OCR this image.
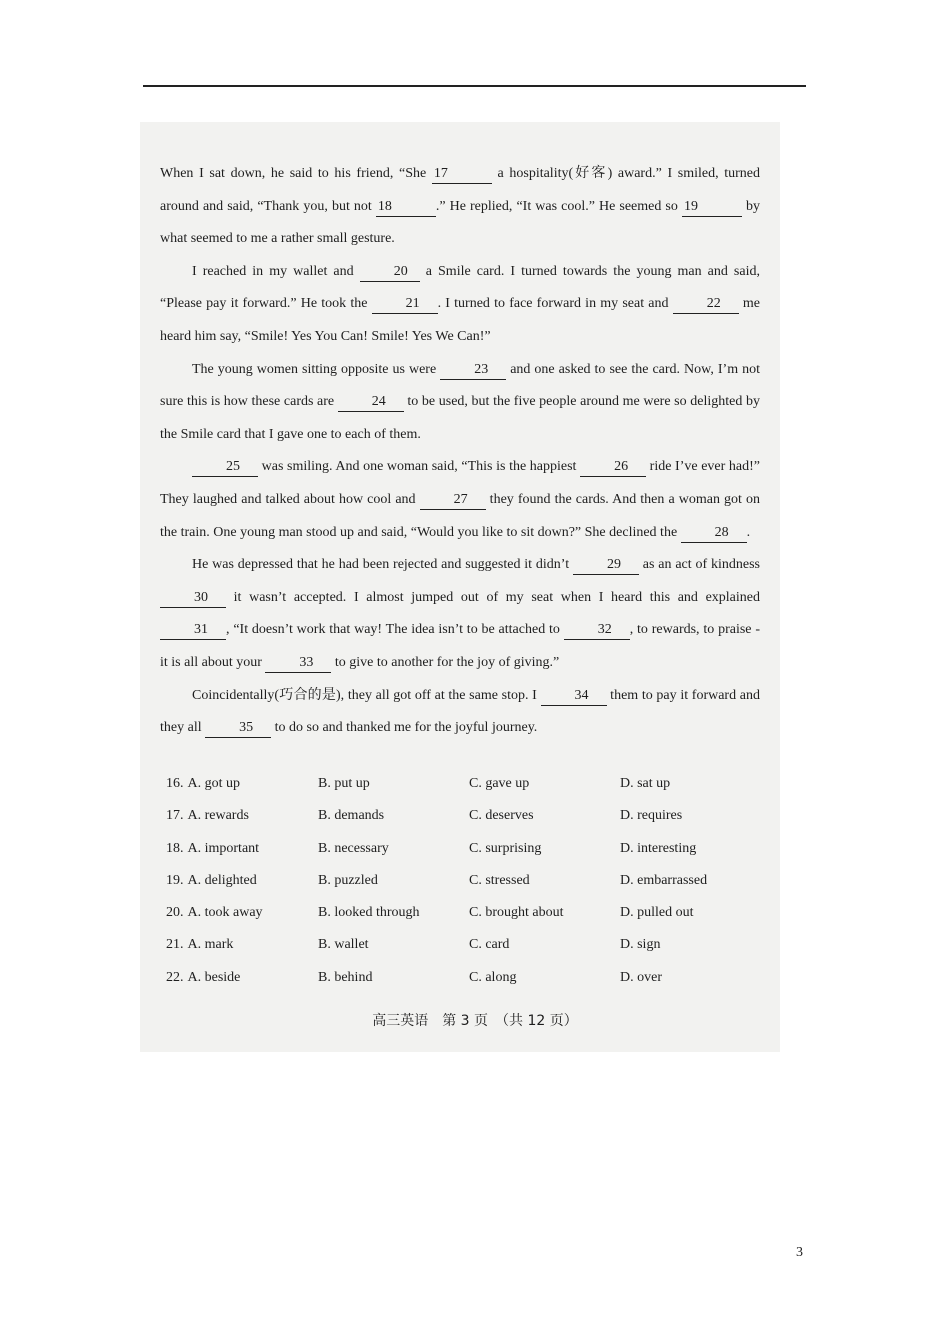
When I sat down, he said to his friend, “She 17	a hospitality(好客) award.” I smiled, turned around and said, “Thank you, but not 18	.” He replied, “It was cool.” He seemed so 19	by what seemed to me a rather small gesture.

I reached in my wallet and 20 a Smile card. I turned towards the young man and said, “Please pay it forward.” He took the 21 . I turned to face forward in my seat and 22 me heard him say, “Smile! Yes You Can! Smile! Yes We Can!”

The young women sitting opposite us were 23 and one asked to see the card. Now, I’m not sure this is how these cards are 24 to be used, but the five people around me were so delighted by the Smile card that I gave one to each of them.

25 was smiling. And one woman said, “This is the happiest 26 ride I’ve ever had!” They laughed and talked about how cool and 27 they found the cards. And then a woman got on the train. One young man stood up and said, “Would you like to sit down?” She declined the 28 .

He was depressed that he had been rejected and suggested it didn’t 29 as an act of kindness 30 it wasn’t accepted. I almost jumped out of my seat when I heard this and explained 31 , “It doesn’t work that way! The idea isn’t to be attached to 32 , to rewards, to praise - it is all about your 33 to give to another for the joy of giving.”

Coincidentally(巧合的是), they all got off at the same stop. I 34 them to pay it forward and they all 35 to do so and thanked me for the joyful journey.

16. A. got up	B. put up	C. gave up	D. sat up
17. A. rewards	B. demands	C. deserves	D. requires
18. A. important	B. necessary	C. surprising	D. interesting
19. A. delighted	B. puzzled	C. stressed	D. embarrassed
20. A. took away	B. looked through	C. brought about	D. pulled out
21. A. mark	B. wallet	C. card	D. sign
22. A. beside	B. behind	C. along	D. over
高三英语　第 3 页　（共 12 页）
3
